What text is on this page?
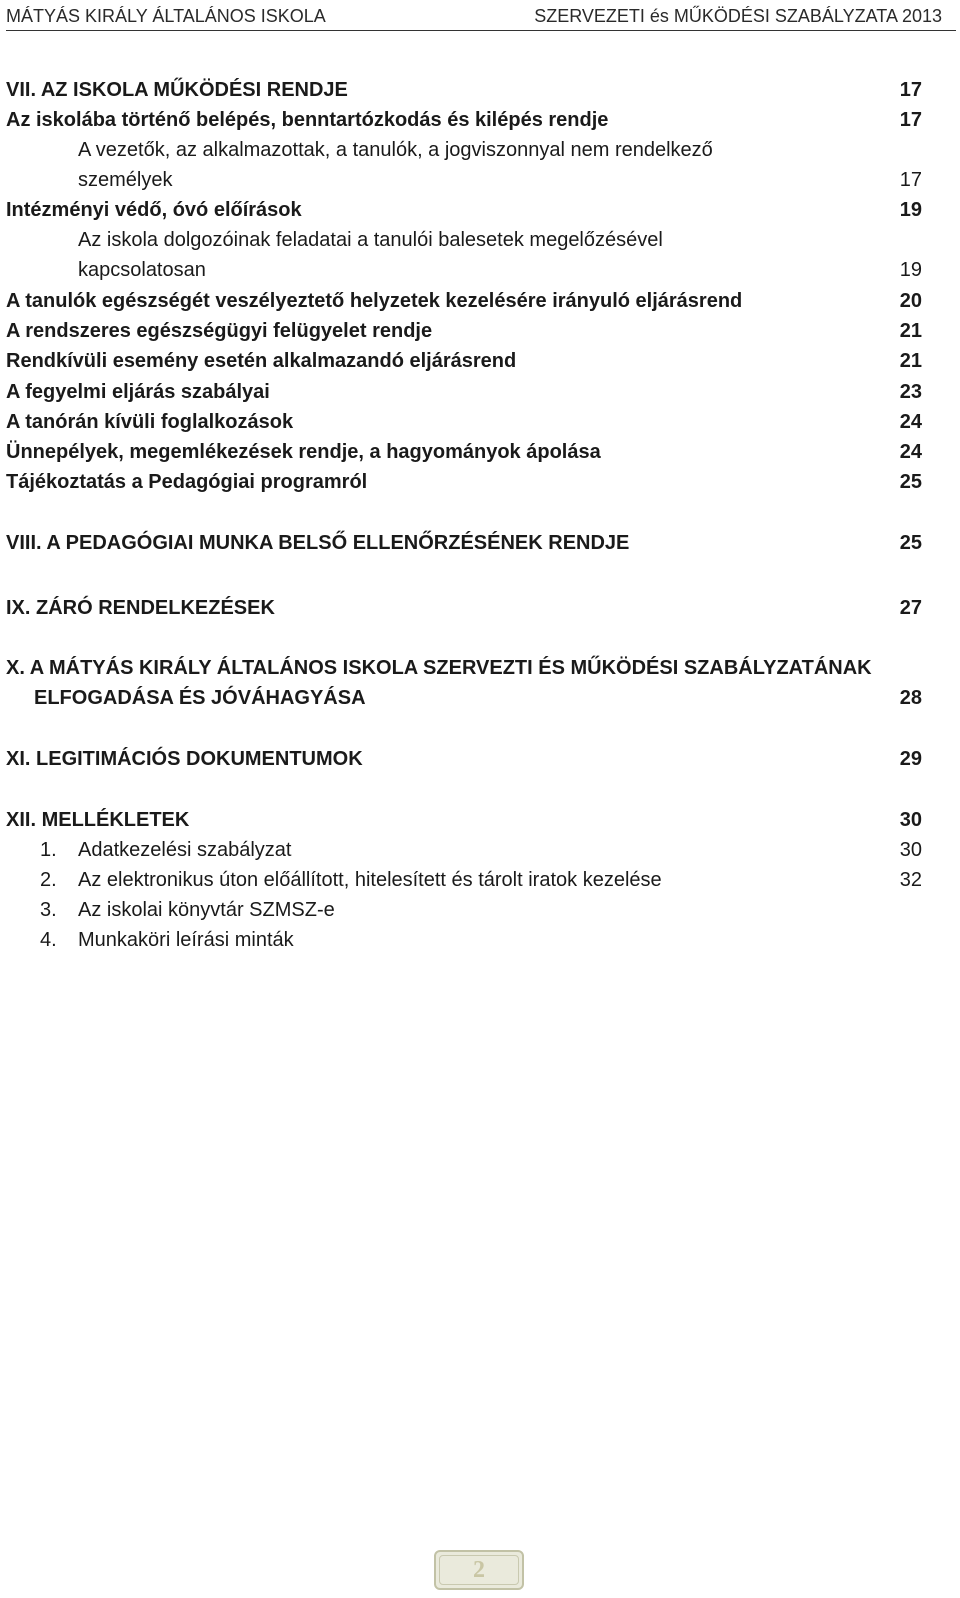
MÁTYÁS KIRÁLY ÁLTALÁNOS ISKOLA	SZERVEZETI és MŰKÖDÉSI SZABÁLYZATA 2013
VII. AZ ISKOLA MŰKÖDÉSI RENDJE	17
Az iskolába történő belépés, benntartózkodás és kilépés rendje	17
A vezetők, az alkalmazottak, a tanulók, a jogviszonnyal nem rendelkező
személyek	17
Intézményi védő, óvó előírások	19
Az iskola dolgozóinak feladatai a tanulói balesetek megelőzésével
kapcsolatosan	19
A tanulók egészségét veszélyeztető helyzetek kezelésére irányuló eljárásrend	20
A rendszeres egészségügyi felügyelet rendje	21
Rendkívüli esemény esetén alkalmazandó eljárásrend	21
A fegyelmi eljárás szabályai	23
A tanórán kívüli foglalkozások	24
Ünnepélyek, megemlékezések rendje, a hagyományok ápolása	24
Tájékoztatás a Pedagógiai programról	25
VIII. A PEDAGÓGIAI MUNKA BELSŐ ELLENŐRZÉSÉNEK RENDJE	25
IX. ZÁRÓ RENDELKEZÉSEK	27
X. A MÁTYÁS KIRÁLY ÁLTALÁNOS ISKOLA SZERVEZTI ÉS MŰKÖDÉSI SZABÁLYZATÁNAK
ELFOGADÁSA ÉS JÓVÁHAGYÁSA	28
XI. LEGITIMÁCIÓS DOKUMENTUMOK	29
XII. MELLÉKLETEK	30
1. Adatkezelési szabályzat	30
2. Az elektronikus úton előállított, hitelesített és tárolt iratok kezelése	32
3. Az iskolai könyvtár SZMSZ-e
4. Munkaköri leírási minták
2
